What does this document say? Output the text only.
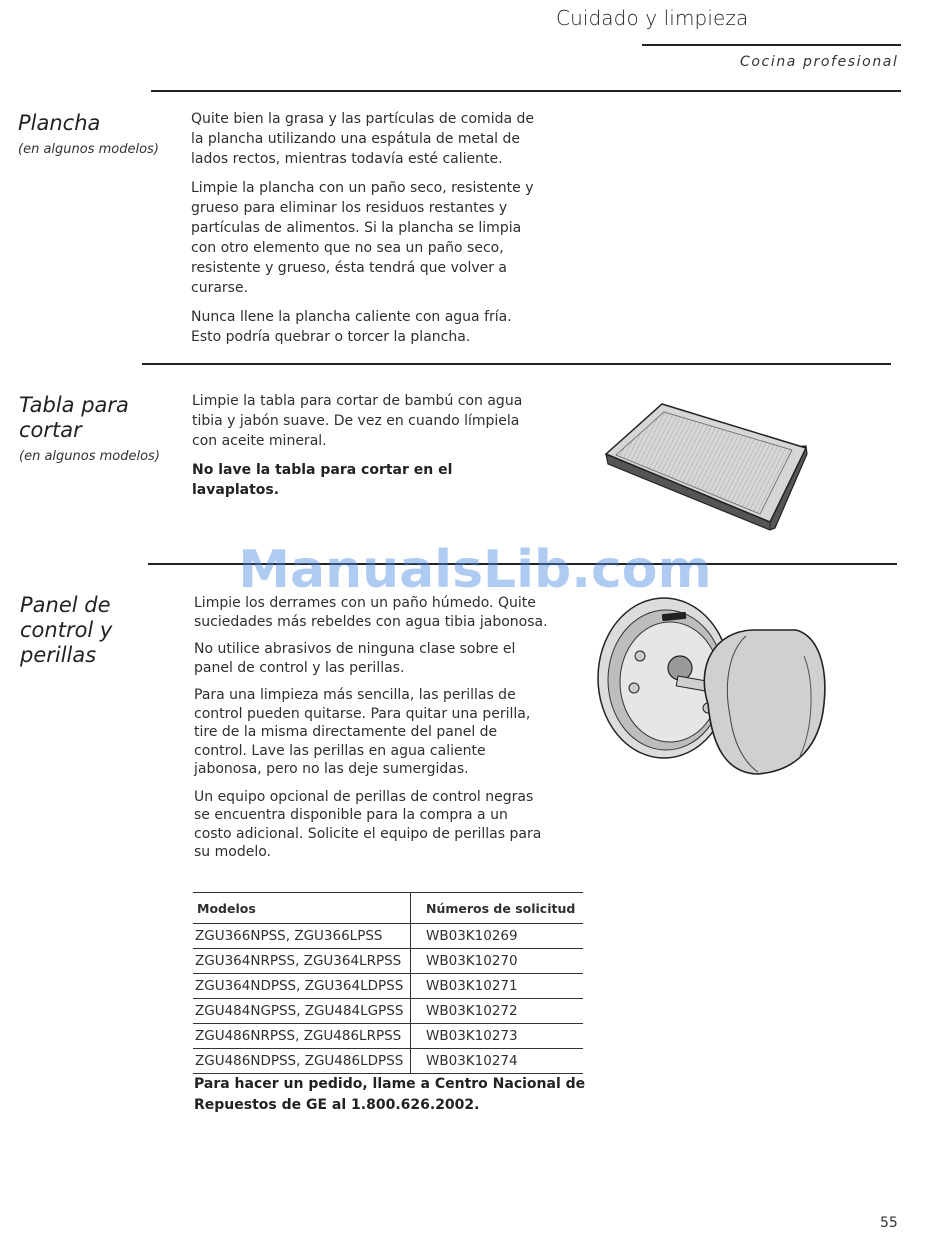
Cuidado y limpieza
Cocina profesional
Plancha
(en algunos modelos)

Quite bien la grasa y las partículas de comida de la plancha utilizando una espátula de metal de lados rectos, mientras todavía esté caliente.

Limpie la plancha con un paño seco, resistente y grueso para eliminar los residuos restantes y partículas de alimentos. Si la plancha se limpia con otro elemento que no sea un paño seco, resistente y grueso, ésta tendrá que volver a curarse.

Nunca llene la plancha caliente con agua fría. Esto podría quebrar o torcer la plancha.

Tabla para cortar
(en algunos modelos)

Limpie la tabla para cortar de bambú con agua tibia y jabón suave. De vez en cuando límpiela con aceite mineral.

No lave la tabla para cortar en el lavaplatos.

Panel de control y perillas

Limpie los derrames con un paño húmedo. Quite suciedades más rebeldes con agua tibia jabonosa.

No utilice abrasivos de ninguna clase sobre el panel de control y las perillas.

Para una limpieza más sencilla, las perillas de control pueden quitarse. Para quitar una perilla, tire de la misma directamente del panel de control. Lave las perillas en agua caliente jabonosa, pero no las deje sumergidas.

Un equipo opcional de perillas de control negras se encuentra disponible para la compra a un costo adicional. Solicite el equipo de perillas para su modelo.

Modelos	Números de solicitud
ZGU366NPSS, ZGU366LPSS	WB03K10269
ZGU364NRPSS, ZGU364LRPSS	WB03K10270
ZGU364NDPSS, ZGU364LDPSS	WB03K10271
ZGU484NGPSS, ZGU484LGPSS	WB03K10272
ZGU486NRPSS, ZGU486LRPSS	WB03K10273
ZGU486NDPSS, ZGU486LDPSS	WB03K10274
Para hacer un pedido, llame a Centro Nacional de Repuestos de GE al 1.800.626.2002.
ManualsLib.com
55
